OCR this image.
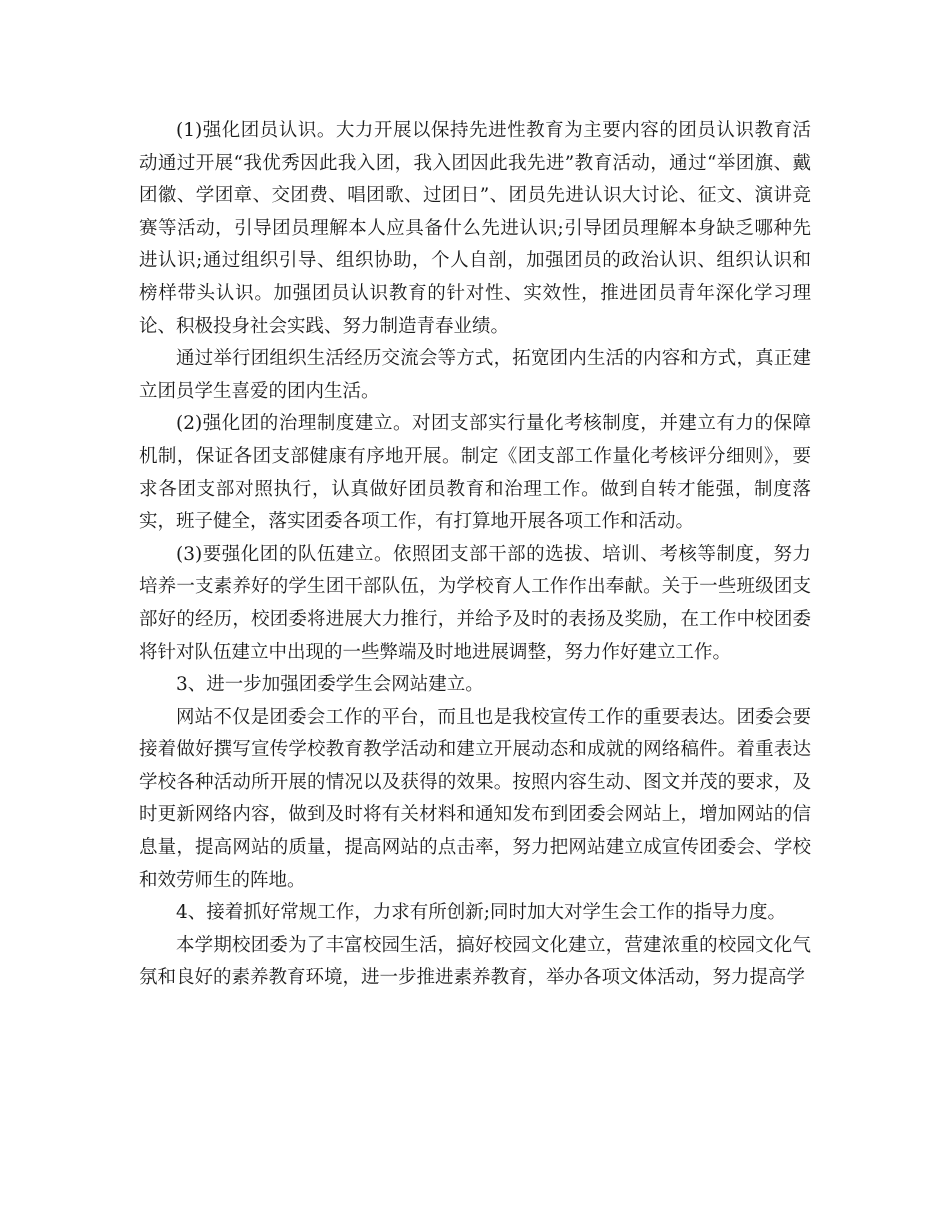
(1)强化团员认识。大力开展以保持先进性教育为主要内容的团员认识教育活动通过开展“我优秀因此我入团，我入团因此我先进”教育活动，通过“举团旗、戴团徽、学团章、交团费、唱团歌、过团日”、团员先进认识大讨论、征文、演讲竞赛等活动，引导团员理解本人应具备什么先进认识;引导团员理解本身缺乏哪种先进认识;通过组织引导、组织协助，个人自剖，加强团员的政治认识、组织认识和榜样带头认识。加强团员认识教育的针对性、实效性，推进团员青年深化学习理论、积极投身社会实践、努力制造青春业绩。

通过举行团组织生活经历交流会等方式，拓宽团内生活的内容和方式，真正建立团员学生喜爱的团内生活。

(2)强化团的治理制度建立。对团支部实行量化考核制度，并建立有力的保障机制，保证各团支部健康有序地开展。制定《团支部工作量化考核评分细则》，要求各团支部对照执行，认真做好团员教育和治理工作。做到自转才能强，制度落实，班子健全，落实团委各项工作，有打算地开展各项工作和活动。

(3)要强化团的队伍建立。依照团支部干部的选拔、培训、考核等制度，努力培养一支素养好的学生团干部队伍，为学校育人工作作出奉献。关于一些班级团支部好的经历，校团委将进展大力推行，并给予及时的表扬及奖励，在工作中校团委将针对队伍建立中出现的一些弊端及时地进展调整，努力作好建立工作。

3、进一步加强团委学生会网站建立。

网站不仅是团委会工作的平台，而且也是我校宣传工作的重要表达。团委会要接着做好撰写宣传学校教育教学活动和建立开展动态和成就的网络稿件。着重表达学校各种活动所开展的情况以及获得的效果。按照内容生动、图文并茂的要求，及时更新网络内容，做到及时将有关材料和通知发布到团委会网站上，增加网站的信息量，提高网站的质量，提高网站的点击率，努力把网站建立成宣传团委会、学校和效劳师生的阵地。

4、接着抓好常规工作，力求有所创新;同时加大对学生会工作的指导力度。

本学期校团委为了丰富校园生活，搞好校园文化建立，营建浓重的校园文化气氛和良好的素养教育环境，进一步推进素养教育，举办各项文体活动，努力提高学
